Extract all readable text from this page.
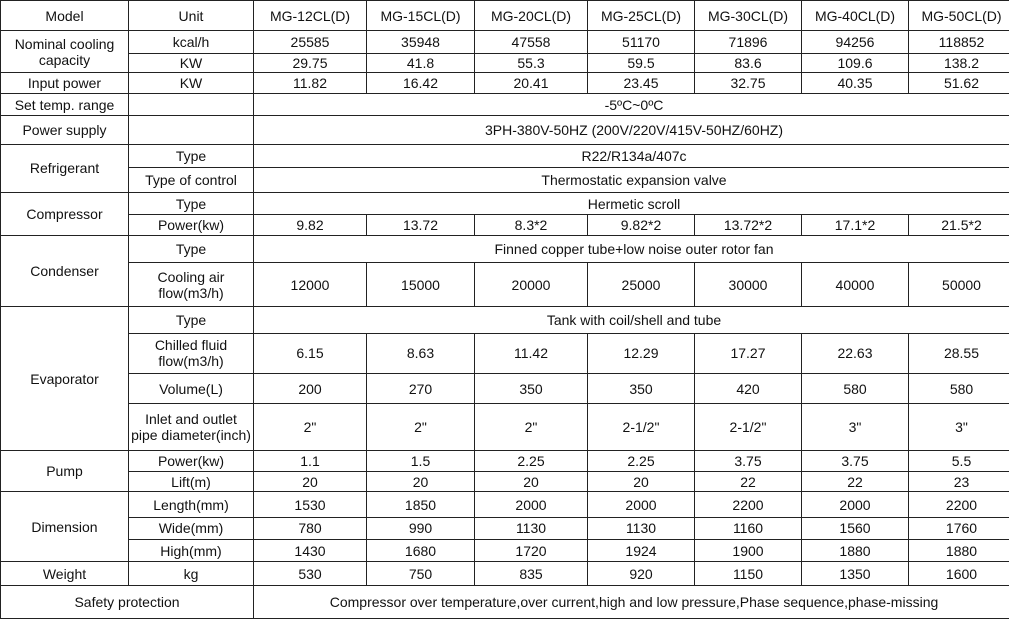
Model	Unit	MG-12CL(D)	MG-15CL(D)	MG-20CL(D)	MG-25CL(D)	MG-30CL(D)	MG-40CL(D)	MG-50CL(D)
Nominal cooling capacity	kcal/h	25585	35948	47558	51170	71896	94256	118852
	KW	29.75	41.8	55.3	59.5	83.6	109.6	138.2
Input power	KW	11.82	16.42	20.41	23.45	32.75	40.35	51.62
Set temp. range		-5ºC~0ºC						
Power supply		3PH-380V-50HZ (200V/220V/415V-50HZ/60HZ)						
Refrigerant	Type	R22/R134a/407c						
	Type of control	Thermostatic expansion valve						
Compressor	Type	Hermetic scroll						
	Power(kw)	9.82	13.72	8.3*2	9.82*2	13.72*2	17.1*2	21.5*2
Condenser	Type	Finned copper tube+low noise outer rotor fan						
	Cooling air flow(m3/h)	12000	15000	20000	25000	30000	40000	50000
Evaporator	Type	Tank with coil/shell and tube						
	Chilled fluid flow(m3/h)	6.15	8.63	11.42	12.29	17.27	22.63	28.55
	Volume(L)	200	270	350	350	420	580	580

	Inlet and outlet pipe diameter(inch)	2"	2"	2"	2-1/2"	2-1/2"	3"	3"
Pump	Power(kw)	1.1	1.5	2.25	2.25	3.75	3.75	5.5
	Lift(m)	20	20	20	20	22	22	23
Dimension	Length(mm)	1530	1850	2000	2000	2200	2000	2200
	Wide(mm)	780	990	1130	1130	1160	1560	1760
	High(mm)	1430	1680	1720	1924	1900	1880	1880
Weight	kg	530	750	835	920	1150	1350	1600
Safety protection		Compressor over temperature,over current,high and low pressure,Phase sequence,phase-missing						
